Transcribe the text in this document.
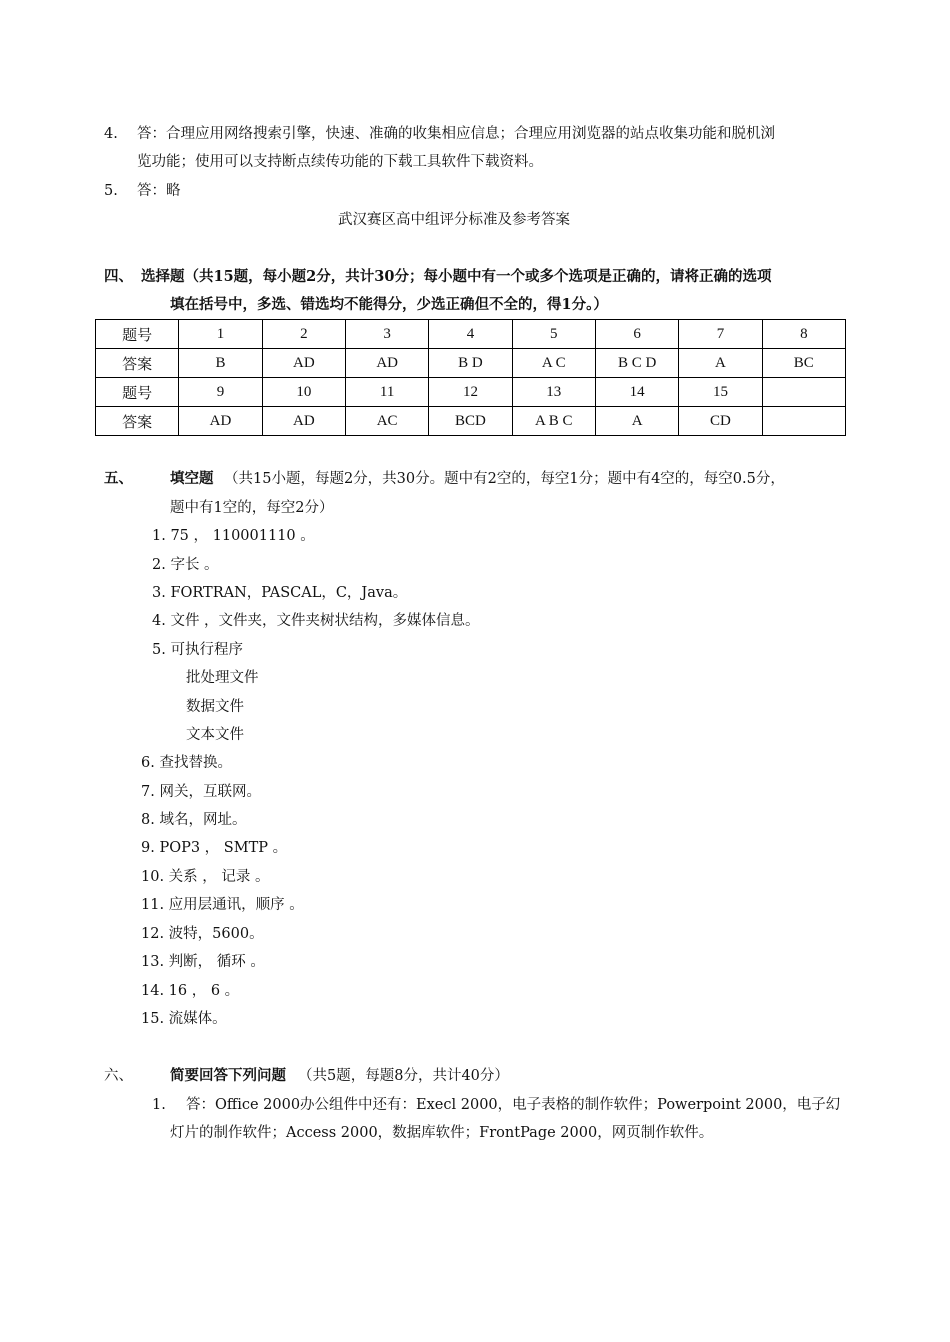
4. 答：合理应用网络搜索引擎，快速、准确的收集相应信息；合理应用浏览器的站点收集功能和脱机浏
览功能；使用可以支持断点续传功能的下载工具软件下载资料。
5. 答：略
武汉赛区高中组评分标准及参考答案
四、 选择题（共15题，每小题2分，共计30分；每小题中有一个或多个选项是正确的，请将正确的选项
填在括号中，多选、错选均不能得分，少选正确但不全的，得1分。）
题号	1	2	3	4	5	6	7	8
答案	B	AD	AD	B D	A C	B C D	A	BC
题号	9	10	11	12	13	14	15	
答案	AD	AD	AC	BCD	A B C	A	CD	
五、	填空题 （共15小题，每题2分，共30分。题中有2空的，每空1分；题中有4空的，每空0.5分，
题中有1空的，每空2分）
1. 75 ， 110001110 。
2. 字长 。
3. FORTRAN，PASCAL，C，Java。
4. 文件 ，文件夹，文件夹树状结构，多媒体信息。
5. 可执行程序
批处理文件
数据文件
文本文件
6. 查找替换。
7. 网关，互联网。
8. 域名，网址。
9. POP3 ， SMTP 。
10. 关系 ， 记录 。
11. 应用层通讯，顺序 。
12. 波特，5600。
13. 判断， 循环 。
14. 16 ， 6 。
15. 流媒体。
六、	简要回答下列问题 （共5题，每题8分，共计40分）
1. 答：Office 2000办公组件中还有：Execl 2000，电子表格的制作软件；Powerpoint 2000，电子幻
灯片的制作软件；Access 2000，数据库软件；FrontPage 2000，网页制作软件。
